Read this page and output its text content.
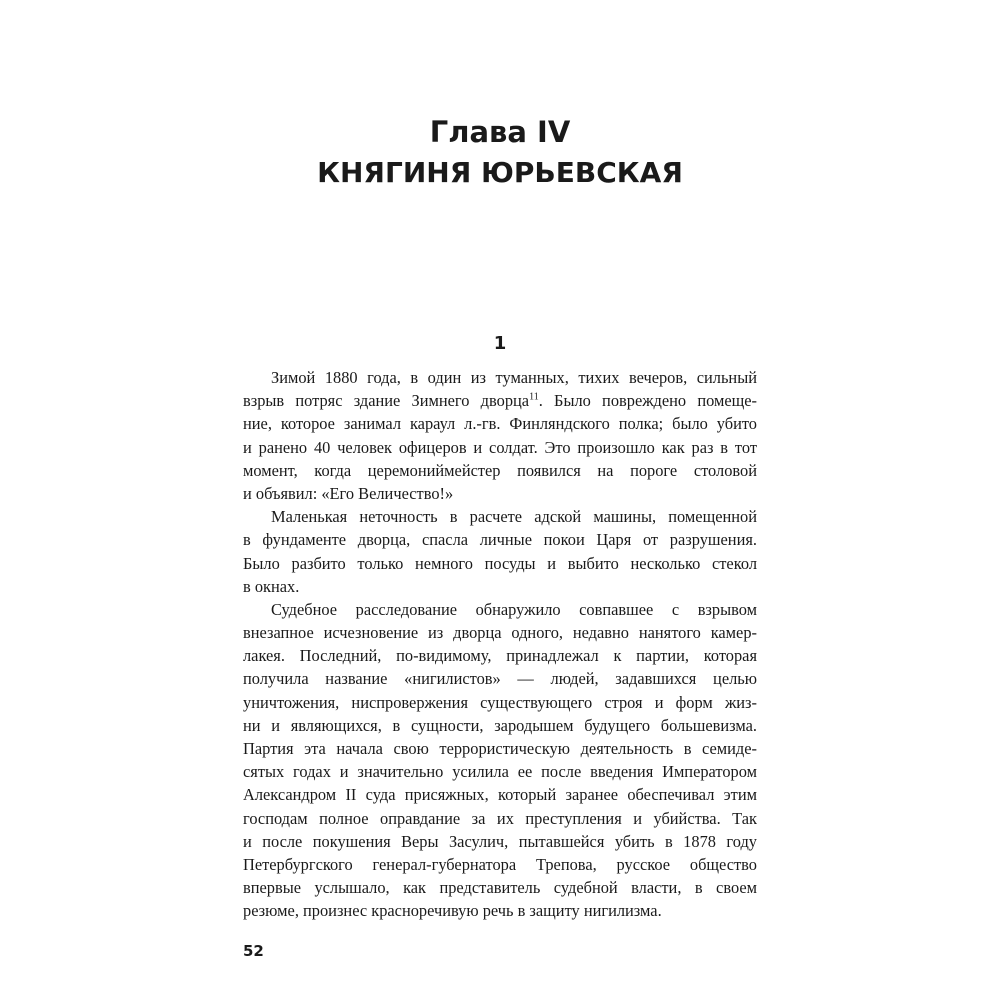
Глава IV
КНЯГИНЯ ЮРЬЕВСКАЯ
1
Зимой 1880 года, в один из туманных, тихих вечеров, сильный
взрыв потряс здание Зимнего дворца$^{11}$. Было повреждено помеще-
ние, которое занимал караул л.-гв. Финляндского полка; было убито
и ранено 40 человек офицеров и солдат. Это произошло как раз в тот
момент, когда церемониймейстер появился на пороге столовой
и объявил: «Его Величество!»
Маленькая неточность в расчете адской машины, помещенной
в фундаменте дворца, спасла личные покои Царя от разрушения.
Было разбито только немного посуды и выбито несколько стекол
в окнах.
Судебное расследование обнаружило совпавшее с взрывом
внезапное исчезновение из дворца одного, недавно нанятого камер-
лакея. Последний, по-видимому, принадлежал к партии, которая
получила название «нигилистов» — людей, задавшихся целью
уничтожения, ниспровержения существующего строя и форм жиз-
ни и являющихся, в сущности, зародышем будущего большевизма.
Партия эта начала свою террористическую деятельность в семиде-
сятых годах и значительно усилила ее после введения Императором
Александром II суда присяжных, который заранее обеспечивал этим
господам полное оправдание за их преступления и убийства. Так
и после покушения Веры Засулич, пытавшейся убить в 1878 году
Петербургского генерал-губернатора Трепова, русское общество
впервые услышало, как представитель судебной власти, в своем
резюме, произнес красноречивую речь в защиту нигилизма.
52
